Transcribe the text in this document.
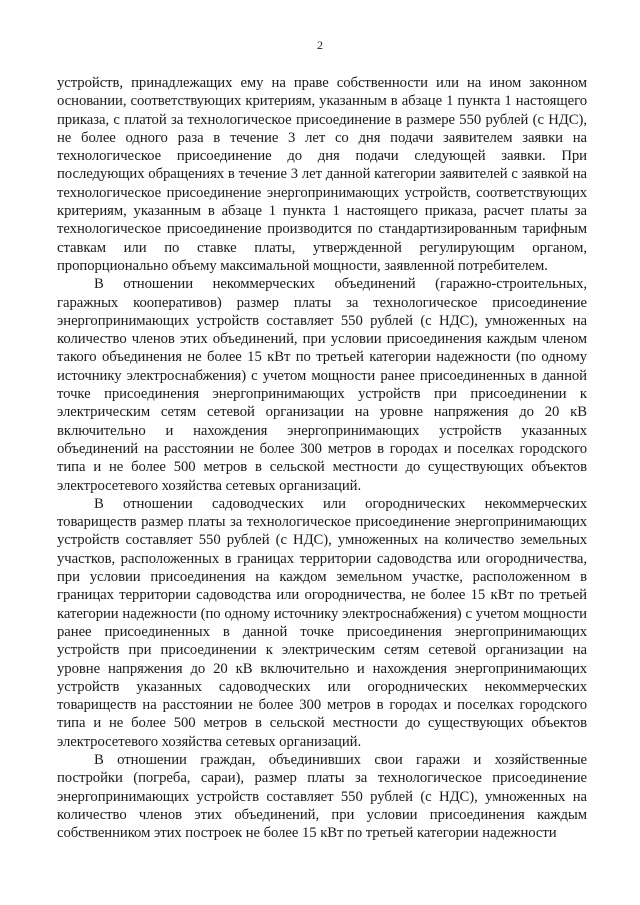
2

устройств, принадлежащих ему на праве собственности или на ином законном основании, соответствующих критериям, указанным в абзаце 1 пункта 1 настоящего приказа, с платой за технологическое присоединение в размере 550 рублей (с НДС), не более одного раза в течение 3 лет со дня подачи заявителем заявки на технологическое присоединение до дня подачи следующей заявки. При последующих обращениях в течение 3 лет данной категории заявителей с заявкой на технологическое присоединение энергопринимающих устройств, соответствующих критериям, указанным в абзаце 1 пункта 1 настоящего приказа, расчет платы за технологическое присоединение производится по стандартизированным тарифным ставкам или по ставке платы, утвержденной регулирующим органом, пропорционально объему максимальной мощности, заявленной потребителем.

В отношении некоммерческих объединений (гаражно-строительных, гаражных кооперативов) размер платы за технологическое присоединение энергопринимающих устройств составляет 550 рублей (с НДС), умноженных на количество членов этих объединений, при условии присоединения каждым членом такого объединения не более 15 кВт по третьей категории надежности (по одному источнику электроснабжения) с учетом мощности ранее присоединенных в данной точке присоединения энергопринимающих устройств при присоединении к электрическим сетям сетевой организации на уровне напряжения до 20 кВ включительно и нахождения энергопринимающих устройств указанных объединений на расстоянии не более 300 метров в городах и поселках городского типа и не более 500 метров в сельской местности до существующих объектов электросетевого хозяйства сетевых организаций.

В отношении садоводческих или огороднических некоммерческих товариществ размер платы за технологическое присоединение энергопринимающих устройств составляет 550 рублей (с НДС), умноженных на количество земельных участков, расположенных в границах территории садоводства или огородничества, при условии присоединения на каждом земельном участке, расположенном в границах территории садоводства или огородничества, не более 15 кВт по третьей категории надежности (по одному источнику электроснабжения) с учетом мощности ранее присоединенных в данной точке присоединения энергопринимающих устройств при присоединении к электрическим сетям сетевой организации на уровне напряжения до 20 кВ включительно и нахождения энергопринимающих устройств указанных садоводческих или огороднических некоммерческих товариществ на расстоянии не более 300 метров в городах и поселках городского типа и не более 500 метров в сельской местности до существующих объектов электросетевого хозяйства сетевых организаций.

В отношении граждан, объединивших свои гаражи и хозяйственные постройки (погреба, сараи), размер платы за технологическое присоединение энергопринимающих устройств составляет 550 рублей (с НДС), умноженных на количество членов этих объединений, при условии присоединения каждым собственником этих построек не более 15 кВт по третьей категории надежности
